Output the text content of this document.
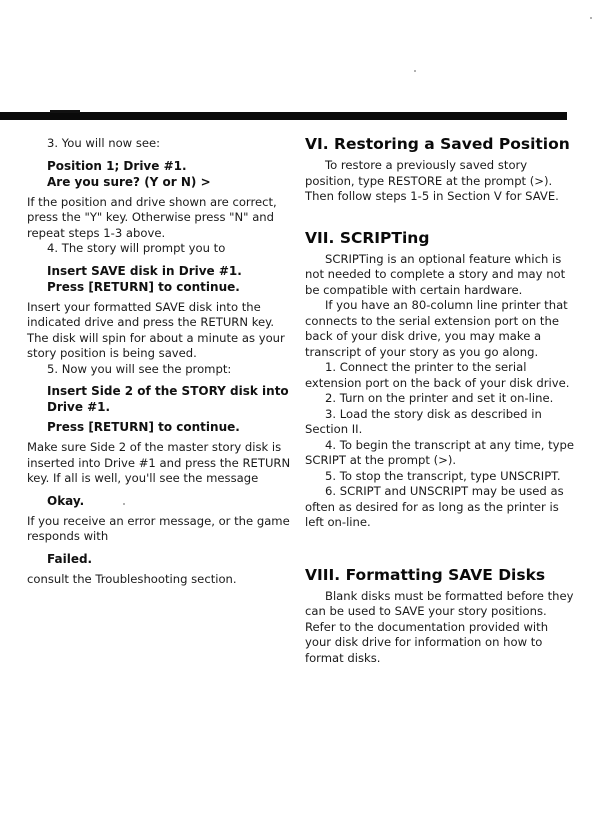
3. You will now see:

Position 1; Drive #1.
Are you sure? (Y or N) >

If the position and drive shown are correct, press the "Y" key. Otherwise press "N" and repeat steps 1-3 above.

4. The story will prompt you to

Insert SAVE disk in Drive #1.
Press [RETURN] to continue.

Insert your formatted SAVE disk into the indicated drive and press the RETURN key. The disk will spin for about a minute as your story position is being saved.

5. Now you will see the prompt:

Insert Side 2 of the STORY disk into
Drive #1.
Press [RETURN] to continue.

Make sure Side 2 of the master story disk is inserted into Drive #1 and press the RETURN key. If all is well, you'll see the message

Okay.

If you receive an error message, or the game responds with

Failed.

consult the Troubleshooting section.

VI. Restoring a Saved Position

To restore a previously saved story position, type RESTORE at the prompt (>). Then follow steps 1-5 in Section V for SAVE.

VII. SCRIPTing

SCRIPTing is an optional feature which is not needed to complete a story and may not be compatible with certain hardware.

If you have an 80-column line printer that connects to the serial extension port on the back of your disk drive, you may make a transcript of your story as you go along.

1. Connect the printer to the serial extension port on the back of your disk drive.

2. Turn on the printer and set it on-line.

3. Load the story disk as described in Section II.

4. To begin the transcript at any time, type SCRIPT at the prompt (>).

5. To stop the transcript, type UNSCRIPT.

6. SCRIPT and UNSCRIPT may be used as often as desired for as long as the printer is left on-line.

VIII. Formatting SAVE Disks

Blank disks must be formatted before they can be used to SAVE your story positions. Refer to the documentation provided with your disk drive for information on how to format disks.
